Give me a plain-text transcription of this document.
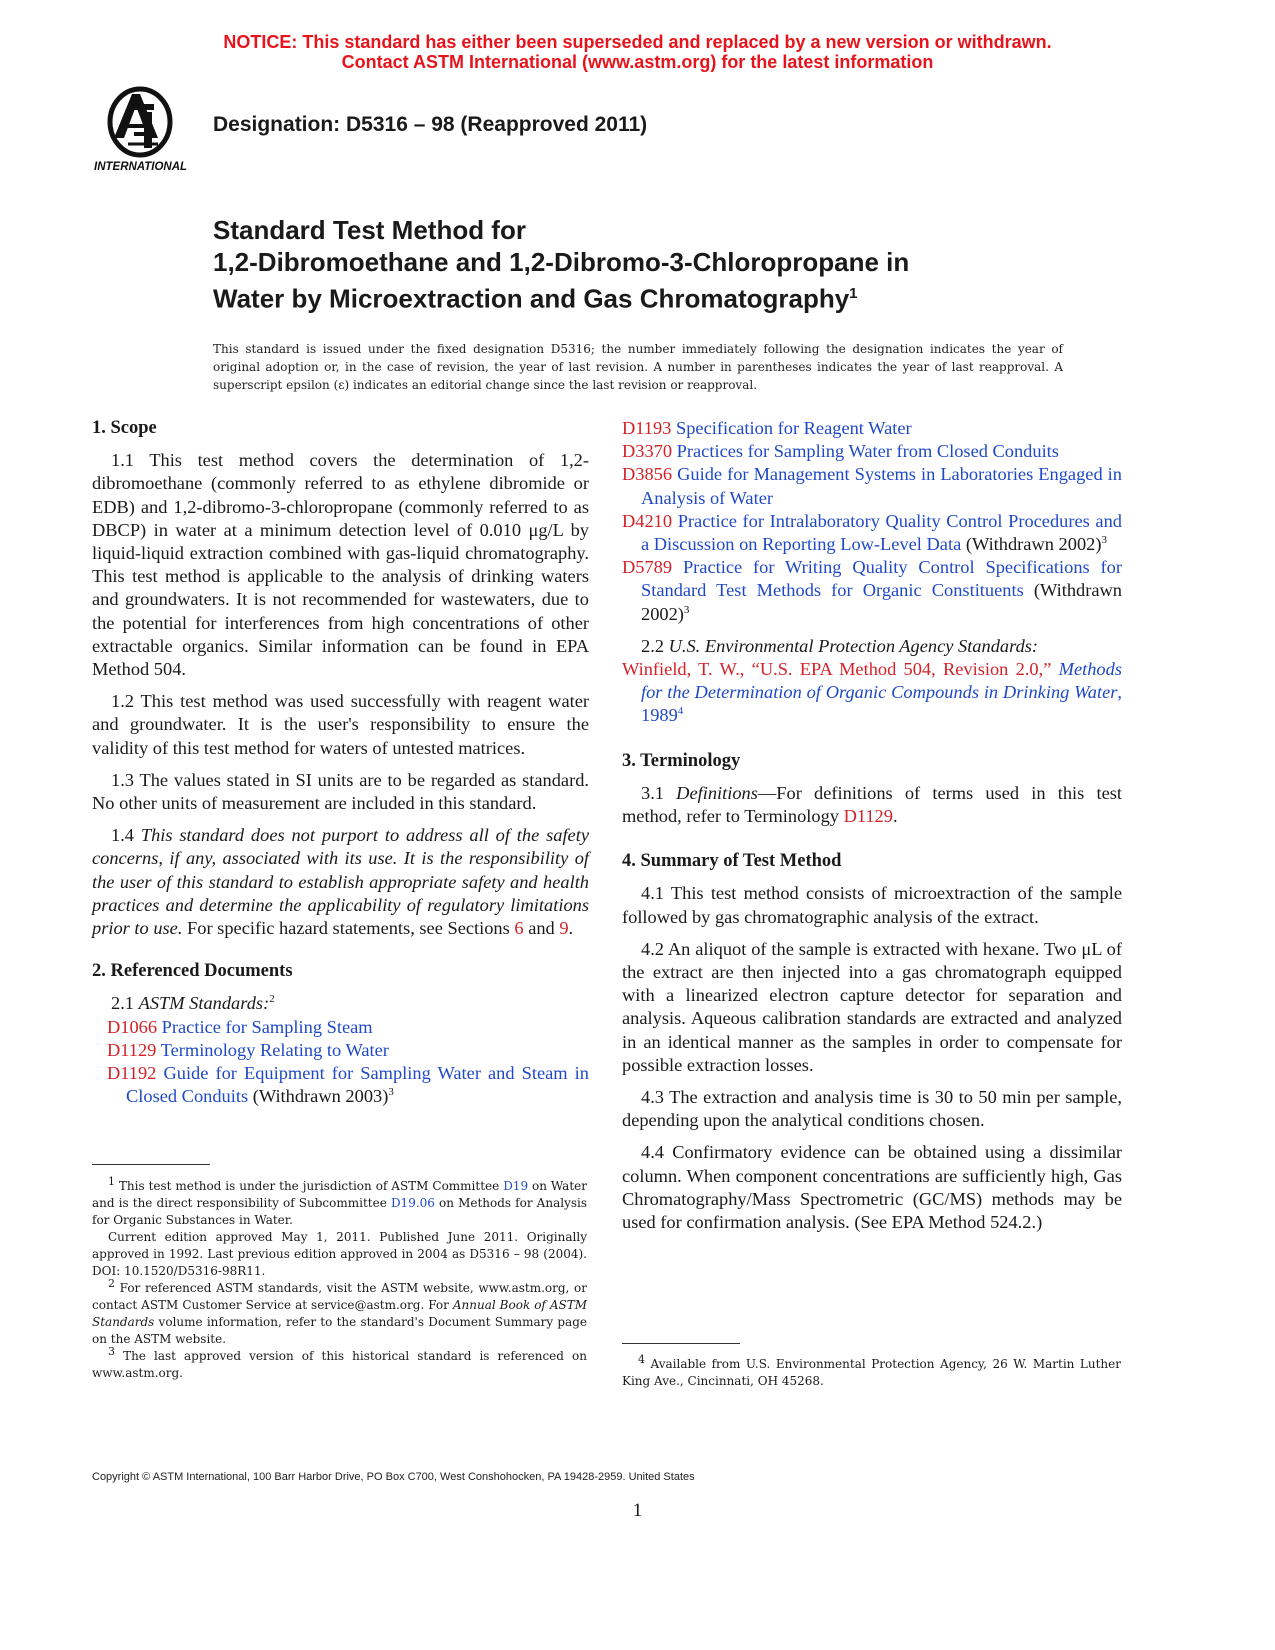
NOTICE: This standard has either been superseded and replaced by a new version or withdrawn.
Contact ASTM International (www.astm.org) for the latest information
INTERNATIONAL
Designation: D5316 – 98 (Reapproved 2011)
Standard Test Method for
1,2-Dibromoethane and 1,2-Dibromo-3-Chloropropane in
Water by Microextraction and Gas Chromatography$^1$
This standard is issued under the fixed designation D5316; the number immediately following the designation indicates the year of original adoption or, in the case of revision, the year of last revision. A number in parentheses indicates the year of last reapproval. A superscript epsilon (ε) indicates an editorial change since the last revision or reapproval.
1. Scope

1.1 This test method covers the determination of 1,2-dibromoethane (commonly referred to as ethylene dibromide or EDB) and 1,2-dibromo-3-chloropropane (commonly referred to as DBCP) in water at a minimum detection level of 0.010 μg/L by liquid-liquid extraction combined with gas-liquid chromatography. This test method is applicable to the analysis of drinking waters and groundwaters. It is not recommended for wastewaters, due to the potential for interferences from high concentrations of other extractable organics. Similar information can be found in EPA Method 504.

1.2 This test method was used successfully with reagent water and groundwater. It is the user's responsibility to ensure the validity of this test method for waters of untested matrices.

1.3 The values stated in SI units are to be regarded as standard. No other units of measurement are included in this standard.

1.4 This standard does not purport to address all of the safety concerns, if any, associated with its use. It is the responsibility of the user of this standard to establish appropriate safety and health practices and determine the applicability of regulatory limitations prior to use. For specific hazard statements, see Sections 6 and 9.

2. Referenced Documents

2.1 ASTM Standards:$^2$

D1066 Practice for Sampling Steam

D1129 Terminology Relating to Water

D1192 Guide for Equipment for Sampling Water and Steam in Closed Conduits (Withdrawn 2003)$^3$

1 This test method is under the jurisdiction of ASTM Committee D19 on Water and is the direct responsibility of Subcommittee D19.06 on Methods for Analysis for Organic Substances in Water.

Current edition approved May 1, 2011. Published June 2011. Originally approved in 1992. Last previous edition approved in 2004 as D5316 – 98 (2004). DOI: 10.1520/D5316-98R11.

2 For referenced ASTM standards, visit the ASTM website, www.astm.org, or contact ASTM Customer Service at service@astm.org. For Annual Book of ASTM Standards volume information, refer to the standard's Document Summary page on the ASTM website.

3 The last approved version of this historical standard is referenced on www.astm.org.

D1193 Specification for Reagent Water

D3370 Practices for Sampling Water from Closed Conduits

D3856 Guide for Management Systems in Laboratories Engaged in Analysis of Water

D4210 Practice for Intralaboratory Quality Control Procedures and a Discussion on Reporting Low-Level Data (Withdrawn 2002)$^3$

D5789 Practice for Writing Quality Control Specifications for Standard Test Methods for Organic Constituents (Withdrawn 2002)$^3$

2.2 U.S. Environmental Protection Agency Standards:

Winfield, T. W., “U.S. EPA Method 504, Revision 2.0,” Methods for the Determination of Organic Compounds in Drinking Water, 1989$^4$

3. Terminology

3.1 Definitions—For definitions of terms used in this test method, refer to Terminology D1129.

4. Summary of Test Method

4.1 This test method consists of microextraction of the sample followed by gas chromatographic analysis of the extract.

4.2 An aliquot of the sample is extracted with hexane. Two μL of the extract are then injected into a gas chromatograph equipped with a linearized electron capture detector for separation and analysis. Aqueous calibration standards are extracted and analyzed in an identical manner as the samples in order to compensate for possible extraction losses.

4.3 The extraction and analysis time is 30 to 50 min per sample, depending upon the analytical conditions chosen.

4.4 Confirmatory evidence can be obtained using a dissimilar column. When component concentrations are sufficiently high, Gas Chromatography/Mass Spectrometric (GC/MS) methods may be used for confirmation analysis. (See EPA Method 524.2.)

4 Available from U.S. Environmental Protection Agency, 26 W. Martin Luther King Ave., Cincinnati, OH 45268.

Copyright © ASTM International, 100 Barr Harbor Drive, PO Box C700, West Conshohocken, PA 19428-2959. United States
1
